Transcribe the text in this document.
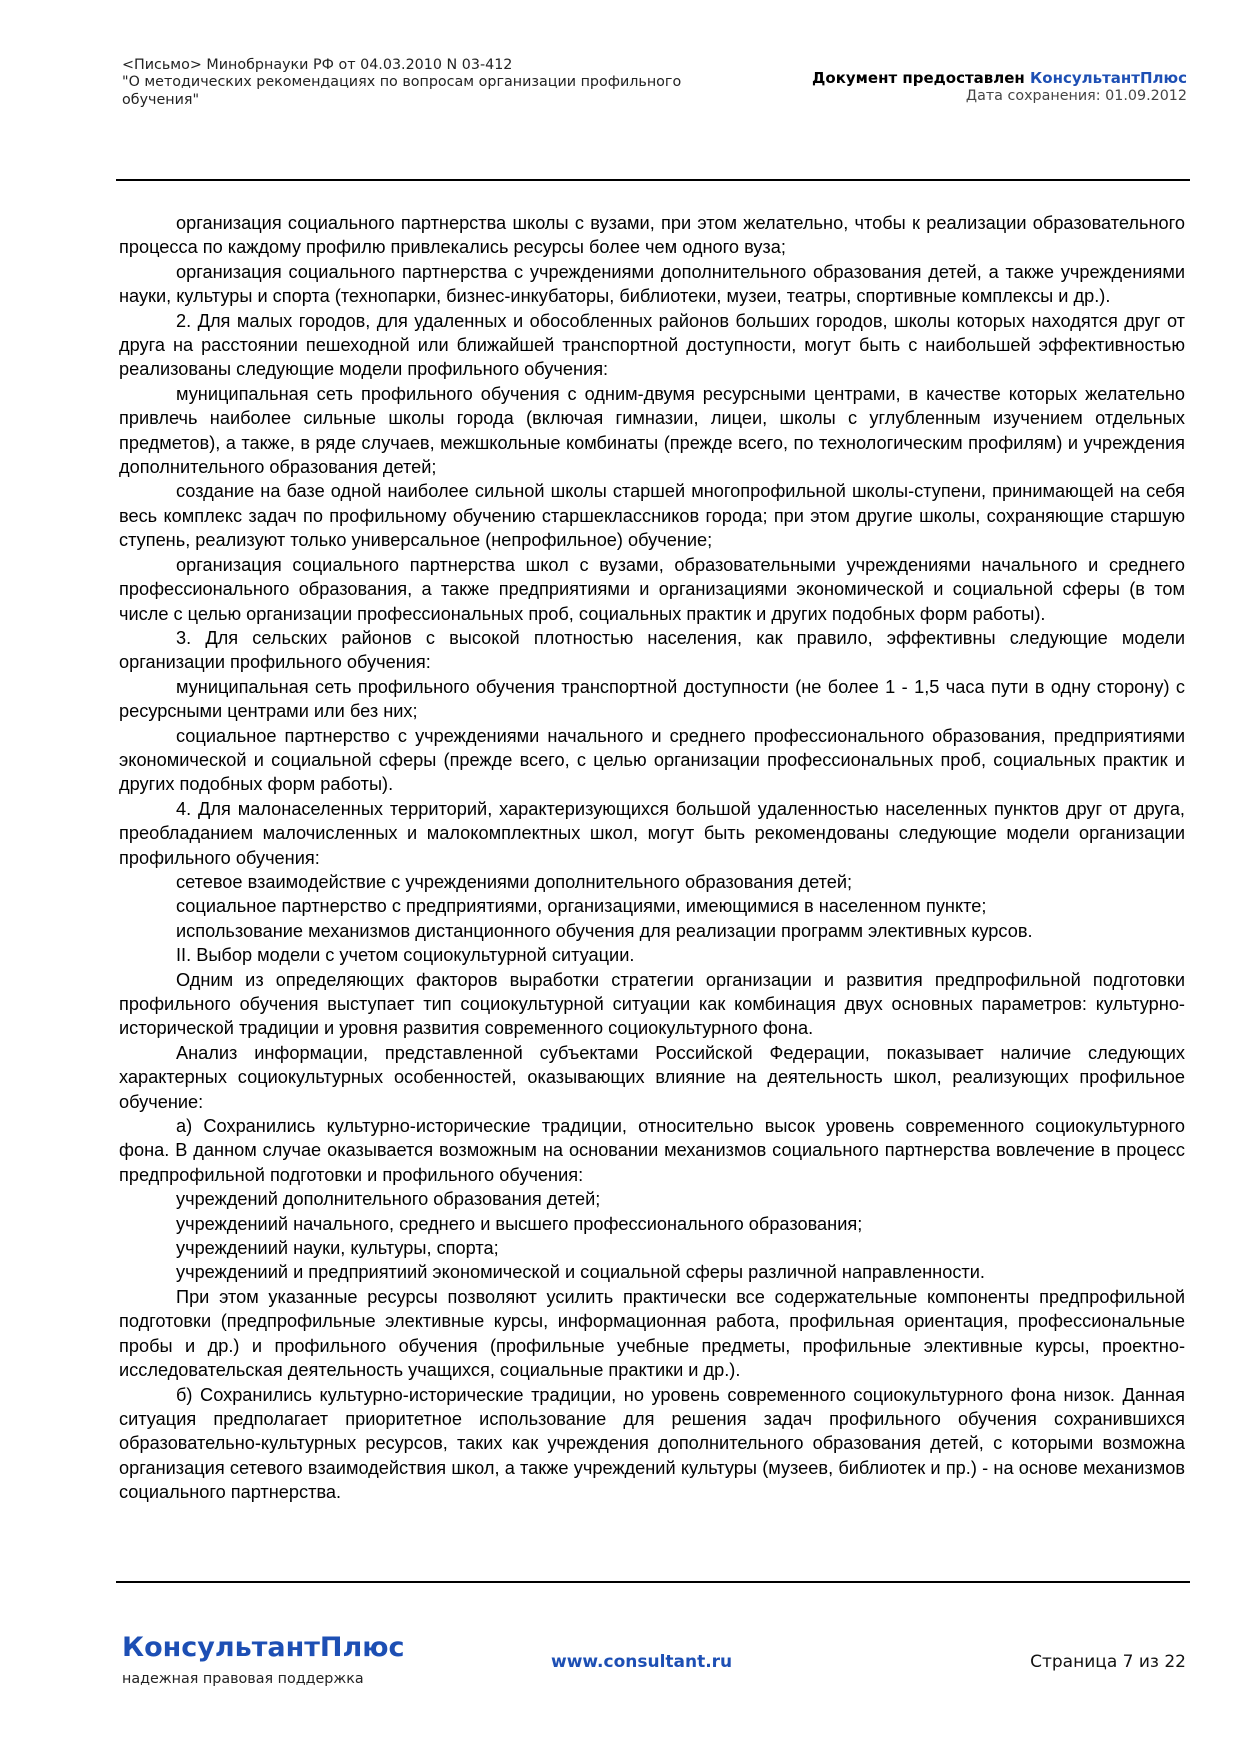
<Письмо> Минобрнауки РФ от 04.03.2010 N 03-412
"О методических рекомендациях по вопросам организации профильного
обучения"
Документ предоставлен КонсультантПлюс
Дата сохранения: 01.09.2012

организация социального партнерства школы с вузами, при этом желательно, чтобы к реализации образовательного процесса по каждому профилю привлекались ресурсы более чем одного вуза;

организация социального партнерства с учреждениями дополнительного образования детей, а также учреждениями науки, культуры и спорта (технопарки, бизнес-инкубаторы, библиотеки, музеи, театры, спортивные комплексы и др.).

2. Для малых городов, для удаленных и обособленных районов больших городов, школы которых находятся друг от друга на расстоянии пешеходной или ближайшей транспортной доступности, могут быть с наибольшей эффективностью реализованы следующие модели профильного обучения:

муниципальная сеть профильного обучения с одним-двумя ресурсными центрами, в качестве которых желательно привлечь наиболее сильные школы города (включая гимназии, лицеи, школы с углубленным изучением отдельных предметов), а также, в ряде случаев, межшкольные комбинаты (прежде всего, по технологическим профилям) и учреждения дополнительного образования детей;

создание на базе одной наиболее сильной школы старшей многопрофильной школы-ступени, принимающей на себя весь комплекс задач по профильному обучению старшеклассников города; при этом другие школы, сохраняющие старшую ступень, реализуют только универсальное (непрофильное) обучение;

организация социального партнерства школ с вузами, образовательными учреждениями начального и среднего профессионального образования, а также предприятиями и организациями экономической и социальной сферы (в том числе с целью организации профессиональных проб, социальных практик и других подобных форм работы).

3. Для сельских районов с высокой плотностью населения, как правило, эффективны следующие модели организации профильного обучения:

муниципальная сеть профильного обучения транспортной доступности (не более 1 - 1,5 часа пути в одну сторону) с ресурсными центрами или без них;

социальное партнерство с учреждениями начального и среднего профессионального образования, предприятиями экономической и социальной сферы (прежде всего, с целью организации профессиональных проб, социальных практик и других подобных форм работы).

4. Для малонаселенных территорий, характеризующихся большой удаленностью населенных пунктов друг от друга, преобладанием малочисленных и малокомплектных школ, могут быть рекомендованы следующие модели организации профильного обучения:

сетевое взаимодействие с учреждениями дополнительного образования детей;

социальное партнерство с предприятиями, организациями, имеющимися в населенном пункте;

использование механизмов дистанционного обучения для реализации программ элективных курсов.

II. Выбор модели с учетом социокультурной ситуации.

Одним из определяющих факторов выработки стратегии организации и развития предпрофильной подготовки профильного обучения выступает тип социокультурной ситуации как комбинация двух основных параметров: культурно-исторической традиции и уровня развития современного социокультурного фона.

Анализ информации, представленной субъектами Российской Федерации, показывает наличие следующих характерных социокультурных особенностей, оказывающих влияние на деятельность школ, реализующих профильное обучение:

а) Сохранились культурно-исторические традиции, относительно высок уровень современного социокультурного фона. В данном случае оказывается возможным на основании механизмов социального партнерства вовлечение в процесс предпрофильной подготовки и профильного обучения:

учреждений дополнительного образования детей;

учреждениий начального, среднего и высшего профессионального образования;

учреждениий науки, культуры, спорта;

учреждениий и предприятиий экономической и социальной сферы различной направленности.

При этом указанные ресурсы позволяют усилить практически все содержательные компоненты предпрофильной подготовки (предпрофильные элективные курсы, информационная работа, профильная ориентация, профессиональные пробы и др.) и профильного обучения (профильные учебные предметы, профильные элективные курсы, проектно-исследовательская деятельность учащихся, социальные практики и др.).

б) Сохранились культурно-исторические традиции, но уровень современного социокультурного фона низок. Данная ситуация предполагает приоритетное использование для решения задач профильного обучения сохранившихся образовательно-культурных ресурсов, таких как учреждения дополнительного образования детей, с которыми возможна организация сетевого взаимодействия школ, а также учреждений культуры (музеев, библиотек и пр.) - на основе механизмов социального партнерства.

КонсультантПлюс
надежная правовая поддержка
www.consultant.ru	Страница 7 из 22
